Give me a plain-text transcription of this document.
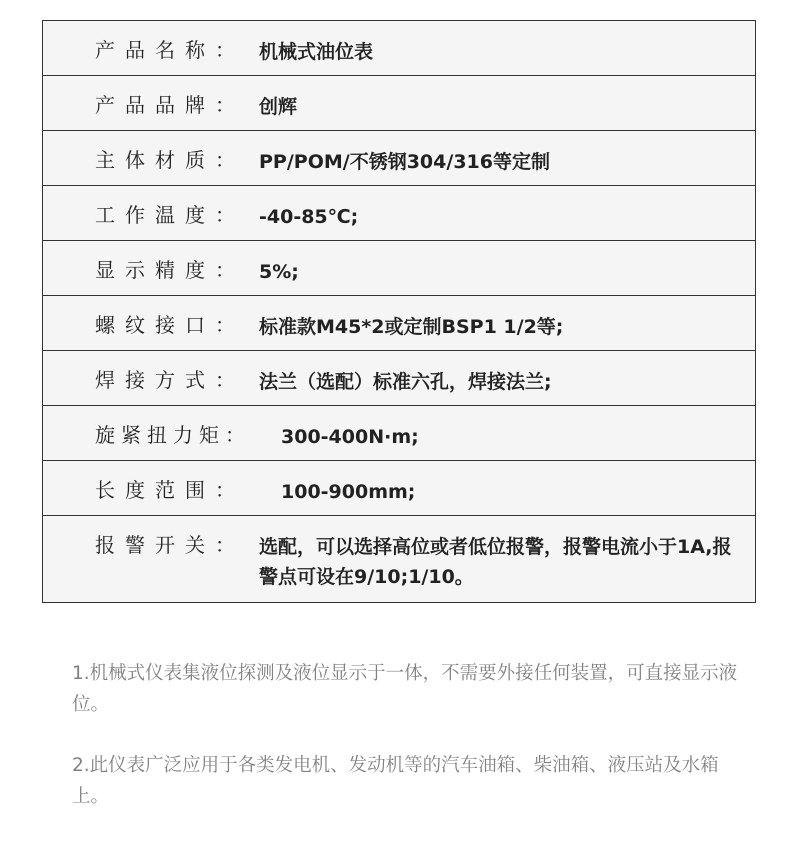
产品名称： 机械式油位表
产品品牌： 创辉
主体材质： PP/POM/不锈钢304/316等定制
工作温度： -40-85℃;
显示精度： 5%;
螺纹接口： 标准款M45*2或定制BSP1 1/2等;
焊接方式： 法兰（选配）标准六孔，焊接法兰;
旋紧扭力矩：	300-400N·m;
长度范围：	100-900mm;
报警开关： 选配，可以选择高位或者低位报警，报警电流小于1A,报警点可设在9/10;1/10。

1.机械式仪表集液位探测及液位显示于一体，不需要外接任何装置，可直接显示液位。

2.此仪表广泛应用于各类发电机、发动机等的汽车油箱、柴油箱、液压站及水箱上。
